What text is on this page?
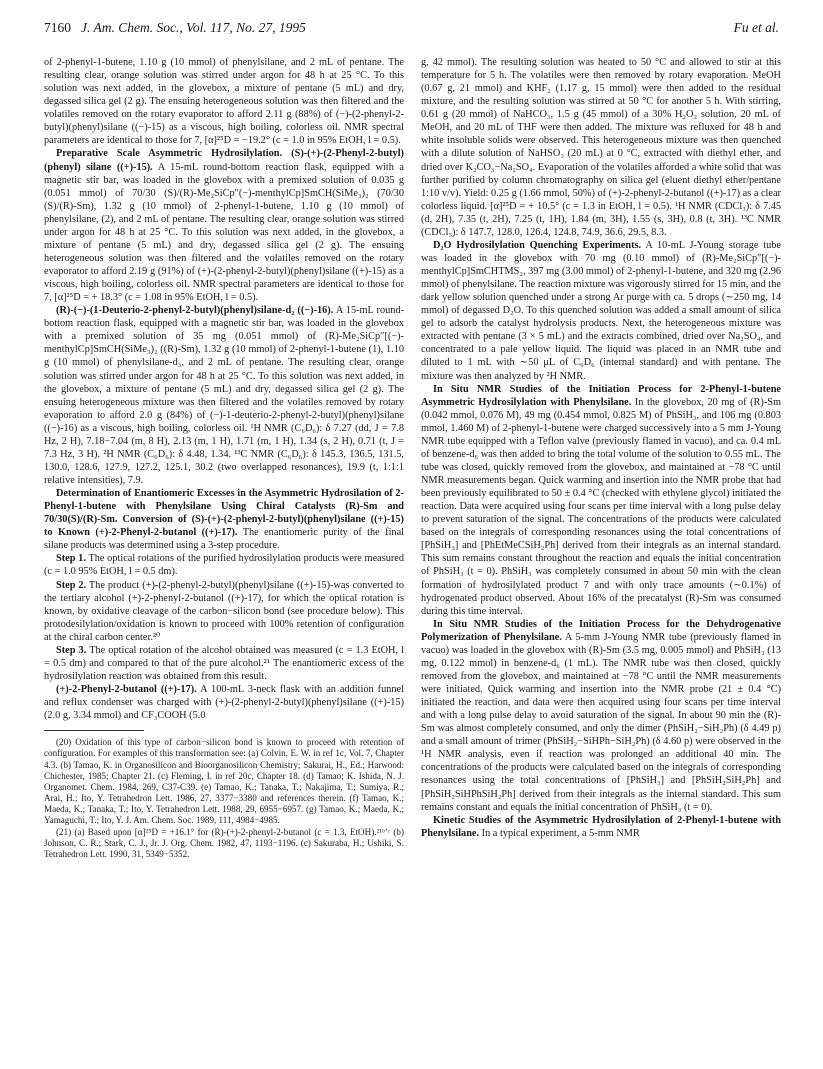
7160 J. Am. Chem. Soc., Vol. 117, No. 27, 1995	Fu et al.

of 2-phenyl-1-butene, 1.10 g (10 mmol) of phenylsilane, and 2 mL of pentane. The resulting clear, orange solution was stirred under argon for 48 h at 25 °C. To this solution was next added, in the glovebox, a mixture of pentane (5 mL) and dry, degassed silica gel (2 g). The ensuing heterogeneous solution was then filtered and the volatiles removed on the rotary evaporator to afford 2.11 g (88%) of (−)-(2-phenyl-2-butyl)(phenyl)silane ((−)-15) as a viscous, high boiling, colorless oil. NMR spectral parameters are identical to those for 7, [α]²⁵D = −19.2° (c = 1.0 in 95% EtOH, l = 0.5).

Preparative Scale Asymmetric Hydrosilylation. (S)-(+)-(2-Phenyl-2-butyl)(phenyl) silane ((+)-15). A 15-mL round-bottom reaction flask, equipped with a magnetic stir bar, was loaded in the glovebox with a premixed solution of 0.035 g (0.051 mmol) of 70/30 (S)/(R)-Me₂SiCp″(−)-menthylCp]SmCH(SiMe₃)₂ (70/30 (S)/(R)-Sm), 1.32 g (10 mmol) of 2-phenyl-1-butene, 1.10 g (10 mmol) of phenylsilane, (2), and 2 mL of pentane. The resulting clear, orange solution was stirred under argon for 48 h at 25 °C. To this solution was next added, in the glovebox, a mixture of pentane (5 mL) and dry, degassed silica gel (2 g). The ensuing heterogeneous solution was then filtered and the volatiles removed on the rotary evaporator to afford 2.19 g (91%) of (+)-(2-phenyl-2-butyl)(phenyl)silane ((+)-15) as a viscous, high boiling, colorless oil. NMR spectral parameters are identical to those for 7, [α]²⁵D = + 18.3° (c = 1.08 in 95% EtOH, l = 0.5).

(R)-(−)-(1-Deuterio-2-phenyl-2-butyl)(phenyl)silane-d₂ ((−)-16). A 15-mL round-bottom reaction flask, equipped with a magnetic stir bar, was loaded in the glovebox with a premixed solution of 35 mg (0.051 mmol) of (R)-Me₂SiCp″[(−)-menthylCp]SmCH(SiMe₃)₂ ((R)-Sm), 1.32 g (10 mmol) of 2-phenyl-1-butene (1), 1.10 g (10 mmol) of phenylsilane-d₃, and 2 mL of pentane. The resulting clear, orange solution was stirred under argon for 48 h at 25 °C. To this solution was next added, in the glovebox, a mixture of pentane (5 mL) and dry, degassed silica gel (2 g). The ensuing heterogeneous mixture was then filtered and the volatiles removed by rotary evaporation to afford 2.0 g (84%) of (−)-1-deuterio-2-phenyl-2-butyl)(phenyl)silane ((−)-16) as a viscous, high boiling, colorless oil. ¹H NMR (C₆D₆): δ 7.27 (dd, J = 7.8 Hz, 2 H), 7.18−7.04 (m, 8 H), 2.13 (m, 1 H), 1.71 (m, 1 H), 1.34 (s, 2 H), 0.71 (t, J = 7.3 Hz, 3 H). ²H NMR (C₆D₆): δ 4.48, 1.34. ¹³C NMR (C₆D₆): δ 145.3, 136.5, 131.5, 130.0, 128.6, 127.9, 127.2, 125.1, 30.2 (two overlapped resonances), 19.9 (t, 1:1:1 relative intensities), 7.9.

Determination of Enantiomeric Excesses in the Asymmetric Hydrosilation of 2-Phenyl-1-butene with Phenylsilane Using Chiral Catalysts (R)-Sm and 70/30(S)/(R)-Sm. Conversion of (S)-(+)-(2-phenyl-2-butyl)(phenyl)silane ((+)-15) to Known (+)-2-Phenyl-2-butanol ((+)-17). The enantiomeric purity of the final silane products was determined using a 3-step procedure.

Step 1. The optical rotations of the purified hydrosilylation products were measured (c = 1.0 95% EtOH, l = 0.5 dm).

Step 2. The product (+)-(2-phenyl-2-butyl)(phenyl)silane ((+)-15)-was converted to the tertiary alcohol (+)-2-phenyl-2-butanol ((+)-17), for which the optical rotation is known, by oxidative cleavage of the carbon−silicon bond (see procedure below). This protodesilylation/oxidation is known to proceed with 100% retention of configuration at the chiral carbon center.²⁰

Step 3. The optical rotation of the alcohol obtained was measured (c = 1.3 EtOH, l = 0.5 dm) and compared to that of the pure alcohol.²¹ The enantiomeric excess of the hydrosilylation reaction was obtained from this result.

(+)-2-Phenyl-2-butanol ((+)-17). A 100-mL 3-neck flask with an addition funnel and reflux condenser was charged with (+)-(2-phenyl-2-butyl)(phenyl)silane ((+)-15) (2.0 g, 3.34 mmol) and CF₃COOH (5.0

(20) Oxidation of this type of carbon−silicon bond is known to proceed with retention of configuration. For examples of this transformation see: (a) Colvin, E. W. in ref 1c, Vol. 7, Chapter 4.3. (b) Tamao, K. in Organosilicon and Bioorganosilicon Chemistry; Sakurai, H., Ed.; Harwood: Chichester, 1985; Chapter 21. (c) Fleming, I. in ref 20c, Chapter 18. (d) Tamao; K. Ishida, N. J. Organomet. Chem. 1984, 269, C37-C39. (e) Tamao, K.; Tanaka, T.; Nakajima, T.; Sumiya, R.; Arai, H.; Ito, Y. Tetrahedron Lett. 1986, 27, 3377−3380 and references therein. (f) Tamao, K.; Maeda, K.; Tanaka, T.; Ito, Y. Tetrahedron Lett. 1988, 29, 6955−6957. (g) Tamao, K.; Maeda, K.; Yamaguchi, T.; Ito, Y. J. Am. Chem. Soc. 1989, 111, 4984−4985.

(21) (a) Based upon [α]²⁵D = +16.1° for (R)-(+)-2-phenyl-2-butanol (c = 1.3, EtOH).²¹ᵇʼᶜ (b) Johnson, C. R.; Stark, C. J., Jr. J. Org. Chem. 1982, 47, 1193−1196. (c) Sakuraba, H.; Ushiki, S. Tetrahedron Lett. 1990, 31, 5349−5352.

g, 42 mmol). The resulting solution was heated to 50 °C and allowed to stir at this temperature for 5 h. The volatiles were then removed by rotary evaporation. MeOH (0.67 g, 21 mmol) and KHF₂ (1.17 g, 15 mmol) were then added to the residual mixture, and the resulting solution was stirred at 50 °C for another 5 h. With stirring, 0.61 g (20 mmol) of NaHCO₃, 1.5 g (45 mmol) of a 30% H₂O₂ solution, 20 mL of MeOH, and 20 mL of THF were then added. The mixture was refluxed for 48 h and white insoluble solids were observed. This heterogeneous mixture was then quenched with a dilute solution of NaHSO₃ (20 mL) at 0 °C, extracted with diethyl ether, and dried over K₂CO₃−Na₂SO₄. Evaporation of the volatiles afforded a white solid that was further purified by column chromatography on silica gel (eluent diethyl ether/pentane 1:10 v/v). Yield: 0.25 g (1.66 mmol, 50%) of (+)-2-phenyl-2-butanol ((+)-17) as a clear colorless liquid. [α]²⁵D = + 10.5° (c = 1.3 in EtOH, l = 0.5). ¹H NMR (CDCl₃): δ 7.45 (d, 2H), 7.35 (t, 2H), 7.25 (t, 1H), 1.84 (m, 3H), 1.55 (s, 3H), 0.8 (t, 3H). ¹³C NMR (CDCl₃): δ 147.7, 128.0, 126.4, 124.8, 74.9, 36.6, 29.5, 8.3.

D₂O Hydrosilylation Quenching Experiments. A 10-mL J-Young storage tube was loaded in the glovebox with 70 mg (0.10 mmol) of (R)-Me₂SiCp″[(−)-menthylCp]SmCHTMS₂, 397 mg (3.00 mmol) of 2-phenyl-1-butene, and 320 mg (2.96 mmol) of phenylsilane. The reaction mixture was vigorously stirred for 15 min, and the dark yellow solution quenched under a strong Ar purge with ca. 5 drops (∼250 mg, 14 mmol) of degassed D₂O. To this quenched solution was added a small amount of silica gel to adsorb the catalyst hydrolysis products. Next, the heterogeneous mixture was extracted with pentane (3 × 5 mL) and the extracts combined, dried over Na₂SO₄, and concentrated to a pale yellow liquid. The liquid was placed in an NMR tube and diluted to 1 mL with ∼50 μL of C₆D₆ (internal standard) and with pentane. The mixture was then analyzed by ²H NMR.

In Situ NMR Studies of the Initiation Process for 2-Phenyl-1-butene Asymmetric Hydrosilylation with Phenylsilane. In the glovebox, 20 mg of (R)-Sm (0.042 mmol, 0.076 M), 49 mg (0.454 mmol, 0.825 M) of PhSiH₃, and 106 mg (0.803 mmol, 1.460 M) of 2-phenyl-1-butene were charged successively into a 5 mm J-Young NMR tube equipped with a Teflon valve (previously flamed in vacuo), and ca. 0.4 mL of benzene-d₆ was then added to bring the total volume of the solution to 0.55 mL. The tube was closed, quickly removed from the glovebox, and maintained at −78 °C until NMR measurements began. Quick warming and insertion into the NMR probe that had been previously equilibrated to 50 ± 0.4 °C (checked with ethylene glycol) initiated the reaction. Data were acquired using four scans per time interval with a long pulse delay to prevent saturation of the signal. The concentrations of the products were calculated based on the integrals of corresponding resonances using the total concentrations of [PhSiH₃] and [PhEtMeCSiH₂Ph] derived from their integrals as an internal standard. This sum remains constant throughout the reaction and equals the initial concentration of PhSiH₃ (t = 0). PhSiH₃ was completely consumed in about 50 min with the clean formation of hydrosilylated product 7 and with only trace amounts (∼0.1%) of hydrogenated product observed. About 16% of the precatalyst (R)-Sm was consumed during this time interval.

In Situ NMR Studies of the Initiation Process for the Dehydrogenative Polymerization of Phenylsilane. A 5-mm J-Young NMR tube (previously flamed in vacuo) was loaded in the glovebox with (R)-Sm (3.5 mg, 0.005 mmol) and PhSiH₃ (13 mg, 0.122 mmol) in benzene-d₆ (1 mL). The NMR tube was then closed, quickly removed from the glovebox, and maintained at −78 °C until the NMR measurements were initiated. Quick warming and insertion into the NMR probe (21 ± 0.4 °C) initiated the reaction, and data were then acquired using four scans per time interval and with a long pulse delay to avoid saturation of the signal. In about 90 min the (R)-Sm was almost completely consumed, and only the dimer (PhSiH₂−SiH₂Ph) (δ 4.49 p) and a small amount of trimer (PhSiH₂−SiHPh−SiH₂Ph) (δ 4.60 p) were observed in the ¹H NMR analysis, even if reaction was prolonged an additional 40 min. The concentrations of the products were calculated based on the integrals of corresponding resonances using the total concentrations of [PhSiH₃] and [PhSiH₂SiH₂Ph] and [PhSiH₂SiHPhSiH₂Ph] derived from their integrals as the internal standard. This sum remains constant and equals the initial concentration of PhSiH₃ (t = 0).

Kinetic Studies of the Asymmetric Hydrosilylation of 2-Phenyl-1-butene with Phenylsilane. In a typical experiment, a 5-mm NMR
